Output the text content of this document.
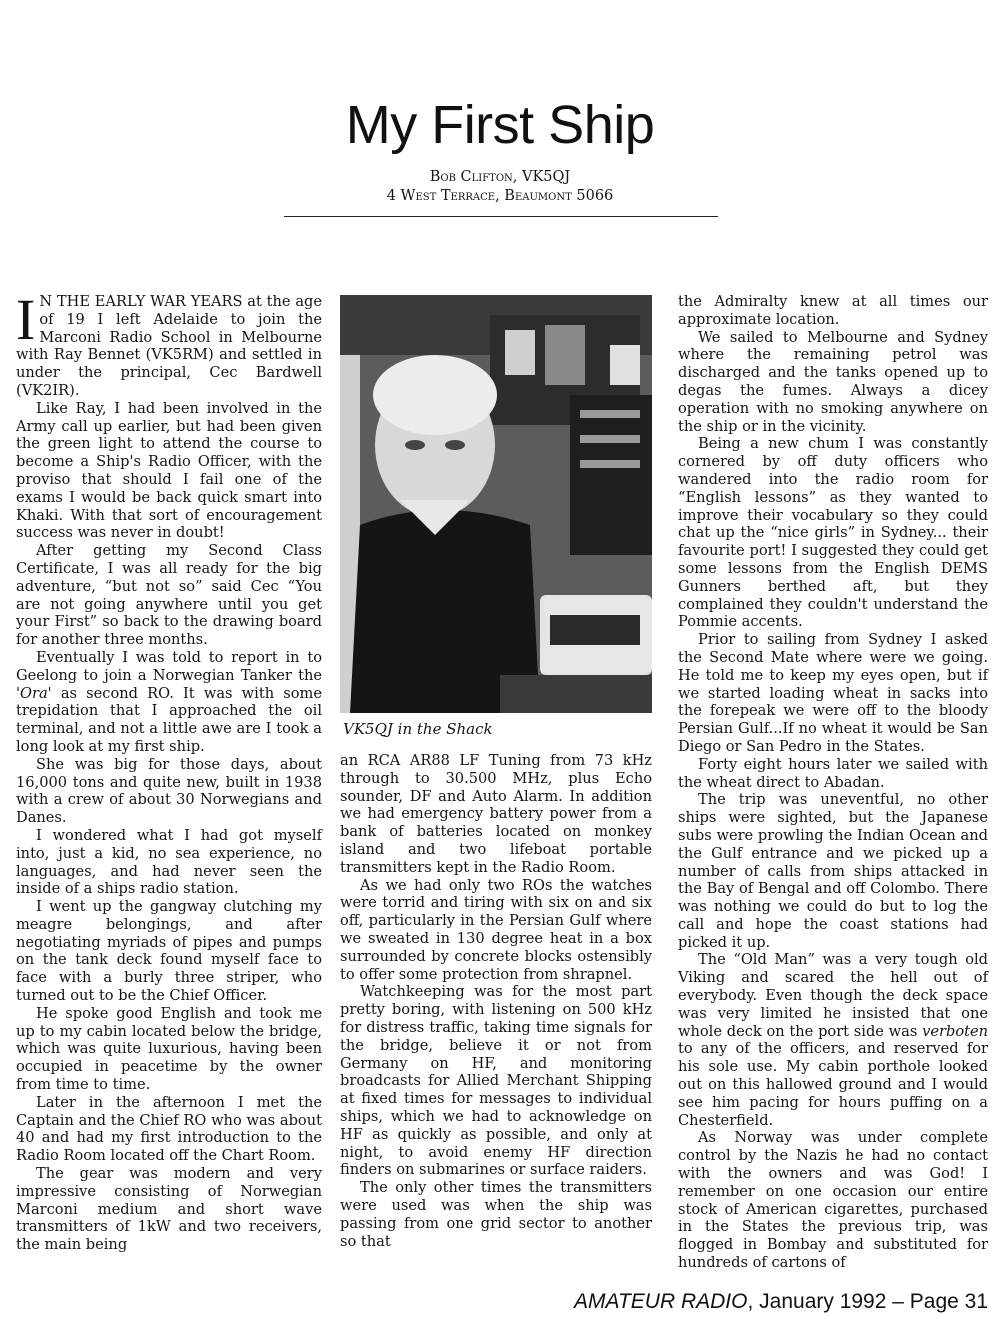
My First Ship
Bob Clifton, VK5QJ
4 West Terrace, Beaumont 5066

I N THE EARLY WAR YEARS at the age of 19 I left Adelaide to join the Marconi Radio School in Melbourne with Ray Bennet (VK5RM) and settled in under the principal, Cec Bardwell (VK2IR).

Like Ray, I had been involved in the Army call up earlier, but had been given the green light to attend the course to become a Ship's Radio Officer, with the proviso that should I fail one of the exams I would be back quick smart into Khaki. With that sort of encouragement success was never in doubt!

After getting my Second Class Certificate, I was all ready for the big adventure, “but not so” said Cec “You are not going anywhere until you get your First” so back to the drawing board for another three months.

Eventually I was told to report in to Geelong to join a Norwegian Tanker the 'Ora' as second RO. It was with some trepidation that I approached the oil terminal, and not a little awe are I took a long look at my first ship.

She was big for those days, about 16,000 tons and quite new, built in 1938 with a crew of about 30 Norwegians and Danes.

I wondered what I had got myself into, just a kid, no sea experience, no languages, and had never seen the inside of a ships radio station.

I went up the gangway clutching my meagre belongings, and after negotiating myriads of pipes and pumps on the tank deck found myself face to face with a burly three striper, who turned out to be the Chief Officer.

He spoke good English and took me up to my cabin located below the bridge, which was quite luxurious, having been occupied in peacetime by the owner from time to time.

Later in the afternoon I met the Captain and the Chief RO who was about 40 and had my first introduction to the Radio Room located off the Chart Room.

The gear was modern and very impressive consisting of Norwegian Marconi medium and short wave transmitters of 1kW and two receivers, the main being

VK5QJ in the Shack

an RCA AR88 LF Tuning from 73 kHz through to 30.500 MHz, plus Echo sounder, DF and Auto Alarm. In addition we had emergency battery power from a bank of batteries located on monkey island and two lifeboat portable transmitters kept in the Radio Room.

As we had only two ROs the watches were torrid and tiring with six on and six off, particularly in the Persian Gulf where we sweated in 130 degree heat in a box surrounded by concrete blocks ostensibly to offer some protection from shrapnel.

Watchkeeping was for the most part pretty boring, with listening on 500 kHz for distress traffic, taking time signals for the bridge, believe it or not from Germany on HF, and monitoring broadcasts for Allied Merchant Shipping at fixed times for messages to individual ships, which we had to acknowledge on HF as quickly as possible, and only at night, to avoid enemy HF direction finders on submarines or surface raiders.

The only other times the transmitters were used was when the ship was passing from one grid sector to another so that

the Admiralty knew at all times our approximate location.

We sailed to Melbourne and Sydney where the remaining petrol was discharged and the tanks opened up to degas the fumes. Always a dicey operation with no smoking anywhere on the ship or in the vicinity.

Being a new chum I was constantly cornered by off duty officers who wandered into the radio room for “English lessons” as they wanted to improve their vocabulary so they could chat up the “nice girls” in Sydney... their favourite port! I suggested they could get some lessons from the English DEMS Gunners berthed aft, but they complained they couldn't understand the Pommie accents.

Prior to sailing from Sydney I asked the Second Mate where were we going. He told me to keep my eyes open, but if we started loading wheat in sacks into the forepeak we were off to the bloody Persian Gulf...If no wheat it would be San Diego or San Pedro in the States.

Forty eight hours later we sailed with the wheat direct to Abadan.

The trip was uneventful, no other ships were sighted, but the Japanese subs were prowling the Indian Ocean and the Gulf entrance and we picked up a number of calls from ships attacked in the Bay of Bengal and off Colombo. There was nothing we could do but to log the call and hope the coast stations had picked it up.

The “Old Man” was a very tough old Viking and scared the hell out of everybody. Even though the deck space was very limited he insisted that one whole deck on the port side was verboten to any of the officers, and reserved for his sole use. My cabin porthole looked out on this hallowed ground and I would see him pacing for hours puffing on a Chesterfield.

As Norway was under complete control by the Nazis he had no contact with the owners and was God! I remember on one occasion our entire stock of American cigarettes, purchased in the States the previous trip, was flogged in Bombay and substituted for hundreds of cartons of

AMATEUR RADIO, January 1992 – Page 31
